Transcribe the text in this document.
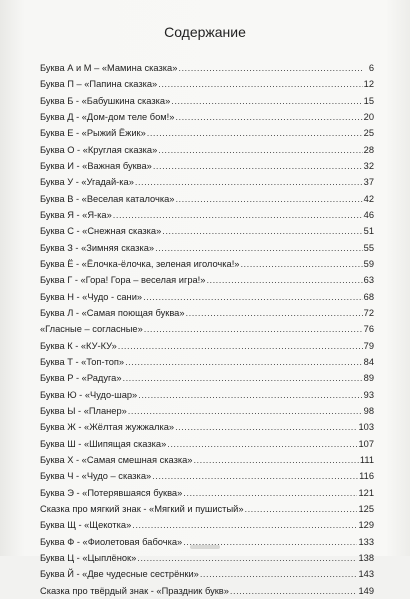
Содержание
Буква А и М – «Мамина сказка» .....	6
Буква П – «Папина сказка» .....	12
Буква Б - «Бабушкина сказка» .....	15
Буква Д - «Дом-дом теле бом!» .....	20
Буква Е - «Рыжий Ёжик» .....	25
Буква О - «Круглая сказка» .....	28
Буква И - «Важная буква» .....	32
Буква У - «Угадай-ка» .....	37
Буква В - «Веселая каталочка» .....	42
Буква Я - «Я-ка» .....	46
Буква С - «Снежная сказка» .....	51
Буква З - «Зимняя сказка» .....	55
Буква Ё - «Ёлочка-ёлочка, зеленая иголочка!» .....	59
Буква Г - «Гора! Гора – веселая игра!» .....	63
Буква Н - «Чудо - сани» .....	68
Буква Л - «Самая поющая буква» .....	72
«Гласные – согласные» .....	76
Буква К - «КУ-КУ» .....	79
Буква Т - «Топ-топ» .....	84
Буква Р - «Радуга» .....	89
Буква Ю - «Чудо-шар» .....	93
Буква Ы - «Планер» .....	98
Буква Ж - «Жёлтая жужжалка» .....	103
Буква Ш - «Шипящая сказка» .....	107
Буква Х - «Самая смешная сказка» .....	111
Буква Ч - «Чудо – сказка» .....	116
Буква Э - «Потерявшаяся буква» .....	121
Сказка про мягкий знак - «Мягкий и пушистый» .....	125
Буква Щ - «Щекотка» .....	129
Буква Ф - «Фиолетовая бабочка» .....	133
Буква Ц - «Цыплёнок» .....	138
Буква Й - «Две чудесные сестрёнки» .....	143
Сказка про твёрдый знак - «Праздник букв» .....	149
